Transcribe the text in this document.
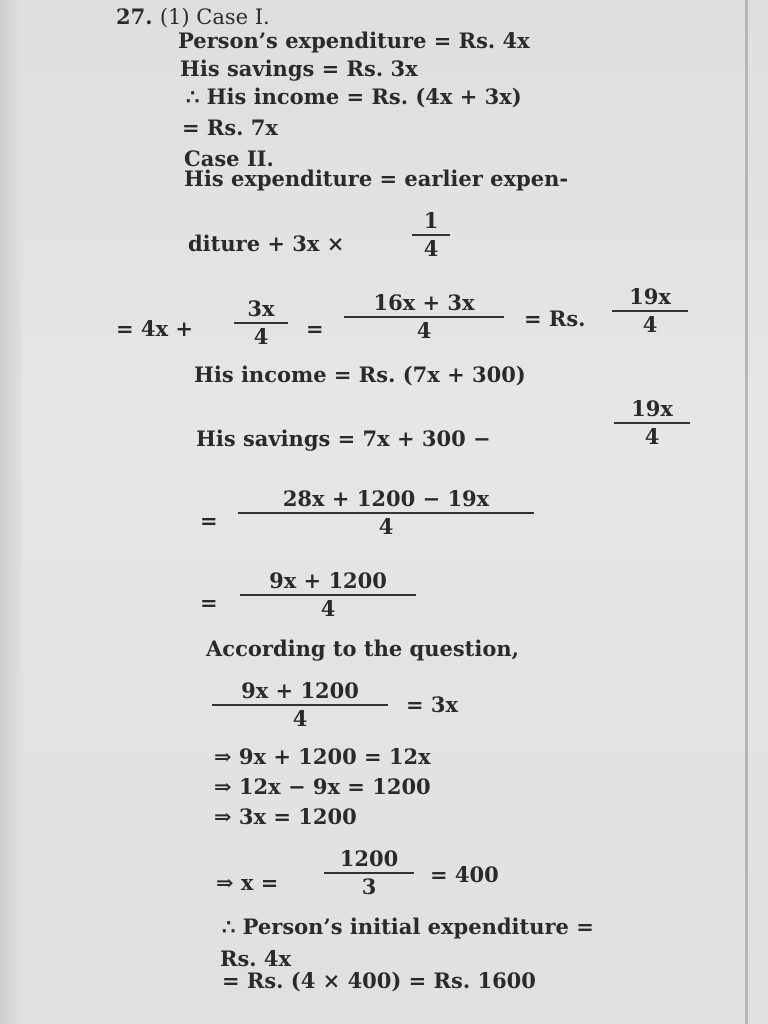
27. (1) Case I.
Person’s expenditure = Rs. 4x
His savings = Rs. 3x
∴ His income = Rs. (4x + 3x)
= Rs. 7x
Case II.
His expenditure = earlier expen-
diture + 3x ×
1
4
= 4x +
3x
4	=
16x + 3x
4	= Rs.
19x
4
His income = Rs. (7x + 300)
His savings = 7x + 300 −
19x
4
=
28x + 1200 − 19x
4
=
9x + 1200
4
According to the question,
9x + 1200
4
= 3x
⇒ 9x + 1200 = 12x
⇒ 12x − 9x = 1200
⇒ 3x = 1200
⇒ x =
1200
3	= 400
∴ Person’s initial expenditure =
Rs. 4x
= Rs. (4 × 400) = Rs. 1600
